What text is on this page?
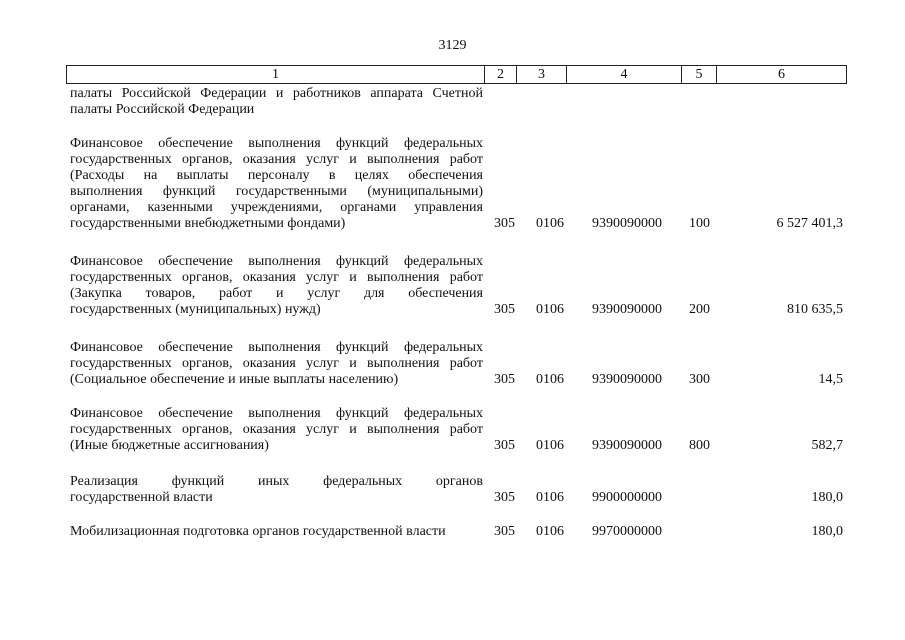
3129
1	2	3	4	5	6
палаты Российской Федерации и работников аппарата Счетной
палаты Российской Федерации
Финансовое обеспечение выполнения функций федеральных
государственных органов, оказания услуг и выполнения работ
(Расходы на выплаты персоналу в целях обеспечения
выполнения функций государственными (муниципальными)
органами, казенными учреждениями, органами управления
государственными внебюджетными фондами)	305 0106 9390090000 100	6 527 401,3
Финансовое обеспечение выполнения функций федеральных
государственных органов, оказания услуг и выполнения работ
(Закупка товаров, работ и услуг для обеспечения
государственных (муниципальных) нужд)	305 0106 9390090000 200	810 635,5
Финансовое обеспечение выполнения функций федеральных
государственных органов, оказания услуг и выполнения работ
(Социальное обеспечение и иные выплаты населению)	305 0106 9390090000 300	14,5
Финансовое обеспечение выполнения функций федеральных
государственных органов, оказания услуг и выполнения работ
(Иные бюджетные ассигнования)	305 0106 9390090000 800	582,7
Реализация функций иных федеральных органов
государственной власти	305 0106 9900000000	180,0
Мобилизационная подготовка органов государственной власти	305 0106 9970000000	180,0
